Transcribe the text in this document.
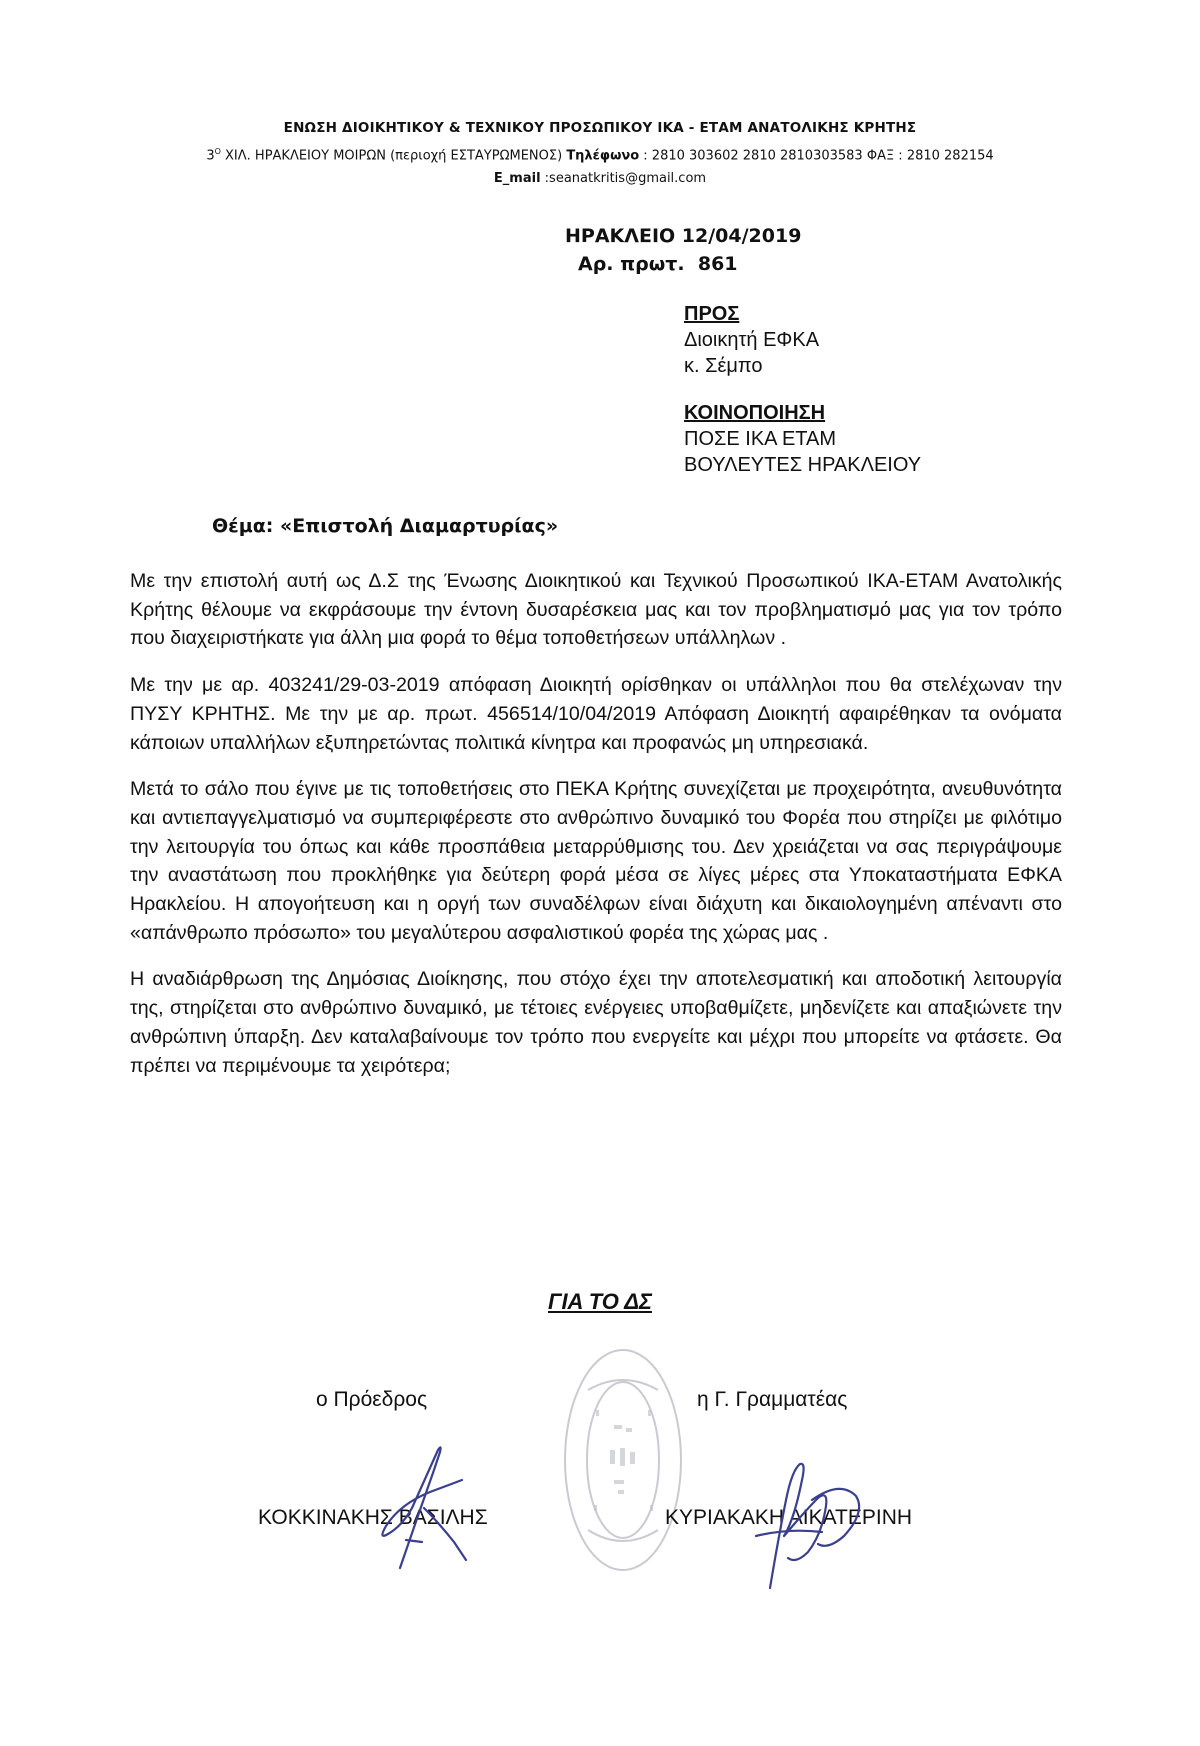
ΕΝΩΣΗ ΔΙΟΙΚΗΤΙΚΟΥ & ΤΕΧΝΙΚΟΥ ΠΡΟΣΩΠΙΚΟΥ ΙΚΑ - ΕΤΑΜ ΑΝΑΤΟΛΙΚΗΣ ΚΡΗΤΗΣ
$3^O$ ΧΙΛ. ΗΡΑΚΛΕΙΟΥ ΜΟΙΡΩΝ (περιοχή ΕΣΤΑΥΡΩΜΕΝΟΣ) Τηλέφωνο : 2810 303602 2810 2810303583 ΦΑΞ : 2810 282154
E_mail :seanatkritis@gmail.com
ΗΡΑΚΛΕΙΟ 12/04/2019
Αρ. πρωτ. 861
ΠΡΟΣ
Διοικητή ΕΦΚΑ
κ. Σέμπο
ΚΟΙΝΟΠΟΙΗΣΗ
ΠΟΣΕ ΙΚΑ ΕΤΑΜ
ΒΟΥΛΕΥΤΕΣ ΗΡΑΚΛΕΙΟΥ
Θέμα: «Επιστολή Διαμαρτυρίας»

Με την επιστολή αυτή ως Δ.Σ της Ένωσης Διοικητικού και Τεχνικού Προσωπικού ΙΚΑ-ΕΤΑΜ Ανατολικής Κρήτης θέλουμε να εκφράσουμε την έντονη δυσαρέσκεια μας και τον προβληματισμό μας για τον τρόπο που διαχειριστήκατε για άλλη μια φορά το θέμα τοποθετήσεων υπάλληλων .

Με την με αρ. 403241/29-03-2019 απόφαση Διοικητή ορίσθηκαν οι υπάλληλοι που θα στελέχωναν την ΠΥΣΥ ΚΡΗΤΗΣ. Με την με αρ. πρωτ. 456514/10/04/2019 Απόφαση Διοικητή αφαιρέθηκαν τα ονόματα κάποιων υπαλλήλων εξυπηρετώντας πολιτικά κίνητρα και προφανώς μη υπηρεσιακά.

Μετά το σάλο που έγινε με τις τοποθετήσεις στο ΠΕΚΑ Κρήτης συνεχίζεται με προχειρότητα, ανευθυνότητα και αντιεπαγγελματισμό να συμπεριφέρεστε στο ανθρώπινο δυναμικό του Φορέα που στηρίζει με φιλότιμο την λειτουργία του όπως και κάθε προσπάθεια μεταρρύθμισης του. Δεν χρειάζεται να σας περιγράψουμε την αναστάτωση που προκλήθηκε για δεύτερη φορά μέσα σε λίγες μέρες στα Υποκαταστήματα ΕΦΚΑ Ηρακλείου. Η απογοήτευση και η οργή των συναδέλφων είναι διάχυτη και δικαιολογημένη απέναντι στο «απάνθρωπο πρόσωπο» του μεγαλύτερου ασφαλιστικού φορέα της χώρας μας .

Η αναδιάρθρωση της Δημόσιας Διοίκησης, που στόχο έχει την αποτελεσματική και αποδοτική λειτουργία της, στηρίζεται στο ανθρώπινο δυναμικό, με τέτοιες ενέργειες υποβαθμίζετε, μηδενίζετε και απαξιώνετε την ανθρώπινη ύπαρξη. Δεν καταλαβαίνουμε τον τρόπο που ενεργείτε και μέχρι που μπορείτε να φτάσετε. Θα πρέπει να περιμένουμε τα χειρότερα;

ΓΙΑ ΤΟ ΔΣ
ο Πρόεδρος	η Γ. Γραμματέας
ΚΟΚΚΙΝΑΚΗΣ ΒΑΣΙΛΗΣ	ΚΥΡΙΑΚΑΚΗ ΑΙΚΑΤΕΡΙΝΗ
